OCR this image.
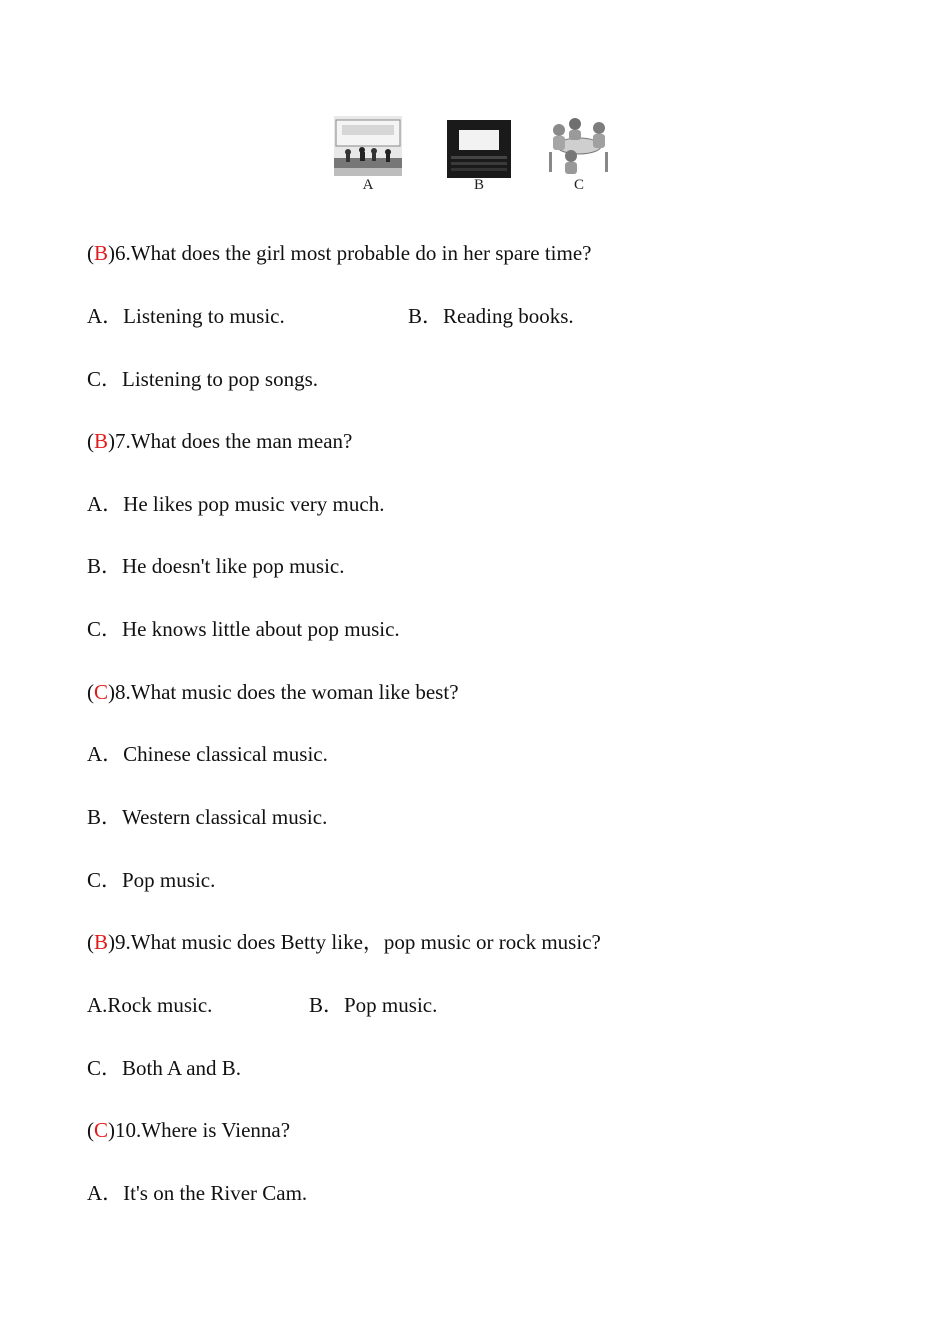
A	B	C
(B)6.What does the girl most probable do in her spare time?
A．Listening to music.	B．Reading books.
C．Listening to pop songs.
(B)7.What does the man mean?
A．He likes pop music very much.
B．He doesn't like pop music.
C．He knows little about pop music.
(C)8.What music does the woman like best?
A．Chinese classical music.
B．Western classical music.
C．Pop music.
(B)9.What music does Betty like，pop music or rock music?
A.Rock music.	B．Pop music.
C．Both A and B.
(C)10.Where is Vienna?
A．It's on the River Cam.
